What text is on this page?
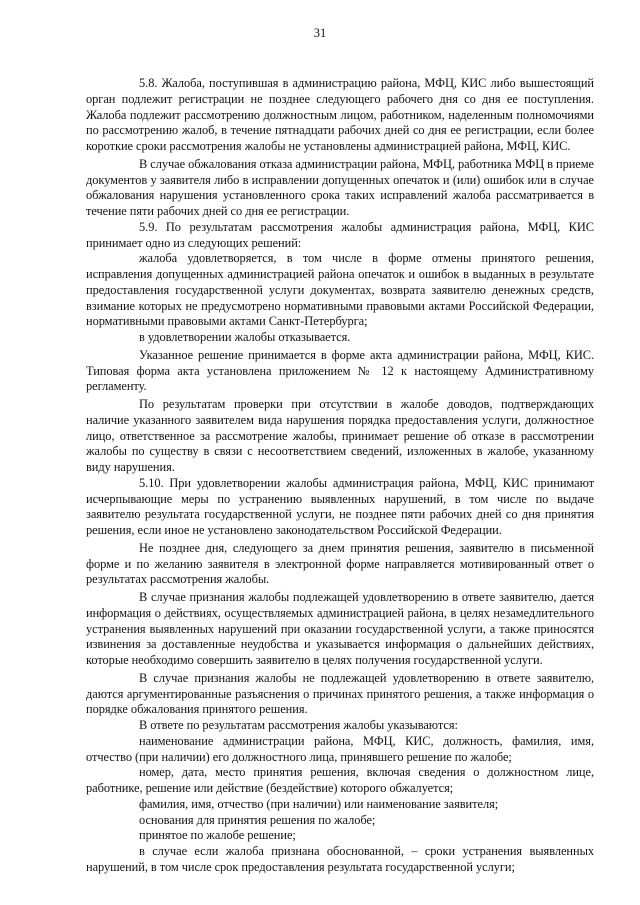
31

5.8. Жалоба, поступившая в администрацию района, МФЦ, КИС либо вышестоящий орган подлежит регистрации не позднее следующего рабочего дня со дня ее поступления. Жалоба подлежит рассмотрению должностным лицом, работником, наделенным полномочиями по рассмотрению жалоб, в течение пятнадцати рабочих дней со дня ее регистрации, если более короткие сроки рассмотрения жалобы не установлены администрацией района, МФЦ, КИС.

В случае обжалования отказа администрации района, МФЦ, работника МФЦ в приеме документов у заявителя либо в исправлении допущенных опечаток и (или) ошибок или в случае обжалования нарушения установленного срока таких исправлений жалоба рассматривается в течение пяти рабочих дней со дня ее регистрации.

5.9. По результатам рассмотрения жалобы администрация района, МФЦ, КИС принимает одно из следующих решений:

жалоба удовлетворяется, в том числе в форме отмены принятого решения, исправления допущенных администрацией района опечаток и ошибок в выданных в результате предоставления государственной услуги документах, возврата заявителю денежных средств, взимание которых не предусмотрено нормативными правовыми актами Российской Федерации, нормативными правовыми актами Санкт-Петербурга;

в удовлетворении жалобы отказывается.

Указанное решение принимается в форме акта администрации района, МФЦ, КИС. Типовая форма акта установлена приложением № 12 к настоящему Административному регламенту.

По результатам проверки при отсутствии в жалобе доводов, подтверждающих наличие указанного заявителем вида нарушения порядка предоставления услуги, должностное лицо, ответственное за рассмотрение жалобы, принимает решение об отказе в рассмотрении жалобы по существу в связи с несоответствием сведений, изложенных в жалобе, указанному виду нарушения.

5.10. При удовлетворении жалобы администрация района, МФЦ, КИС принимают исчерпывающие меры по устранению выявленных нарушений, в том числе по выдаче заявителю результата государственной услуги, не позднее пяти рабочих дней со дня принятия решения, если иное не установлено законодательством Российской Федерации.

Не позднее дня, следующего за днем принятия решения, заявителю в письменной форме и по желанию заявителя в электронной форме направляется мотивированный ответ о результатах рассмотрения жалобы.

В случае признания жалобы подлежащей удовлетворению в ответе заявителю, дается информация о действиях, осуществляемых администрацией района, в целях незамедлительного устранения выявленных нарушений при оказании государственной услуги, а также приносятся извинения за доставленные неудобства и указывается информация о дальнейших действиях, которые необходимо совершить заявителю в целях получения государственной услуги.

В случае признания жалобы не подлежащей удовлетворению в ответе заявителю, даются аргументированные разъяснения о причинах принятого решения, а также информация о порядке обжалования принятого решения.

В ответе по результатам рассмотрения жалобы указываются:

наименование администрации района, МФЦ, КИС, должность, фамилия, имя, отчество (при наличии) его должностного лица, принявшего решение по жалобе;

номер, дата, место принятия решения, включая сведения о должностном лице, работнике, решение или действие (бездействие) которого обжалуется;

фамилия, имя, отчество (при наличии) или наименование заявителя;

основания для принятия решения по жалобе;

принятое по жалобе решение;

в случае если жалоба признана обоснованной, – сроки устранения выявленных нарушений, в том числе срок предоставления результата государственной услуги;
